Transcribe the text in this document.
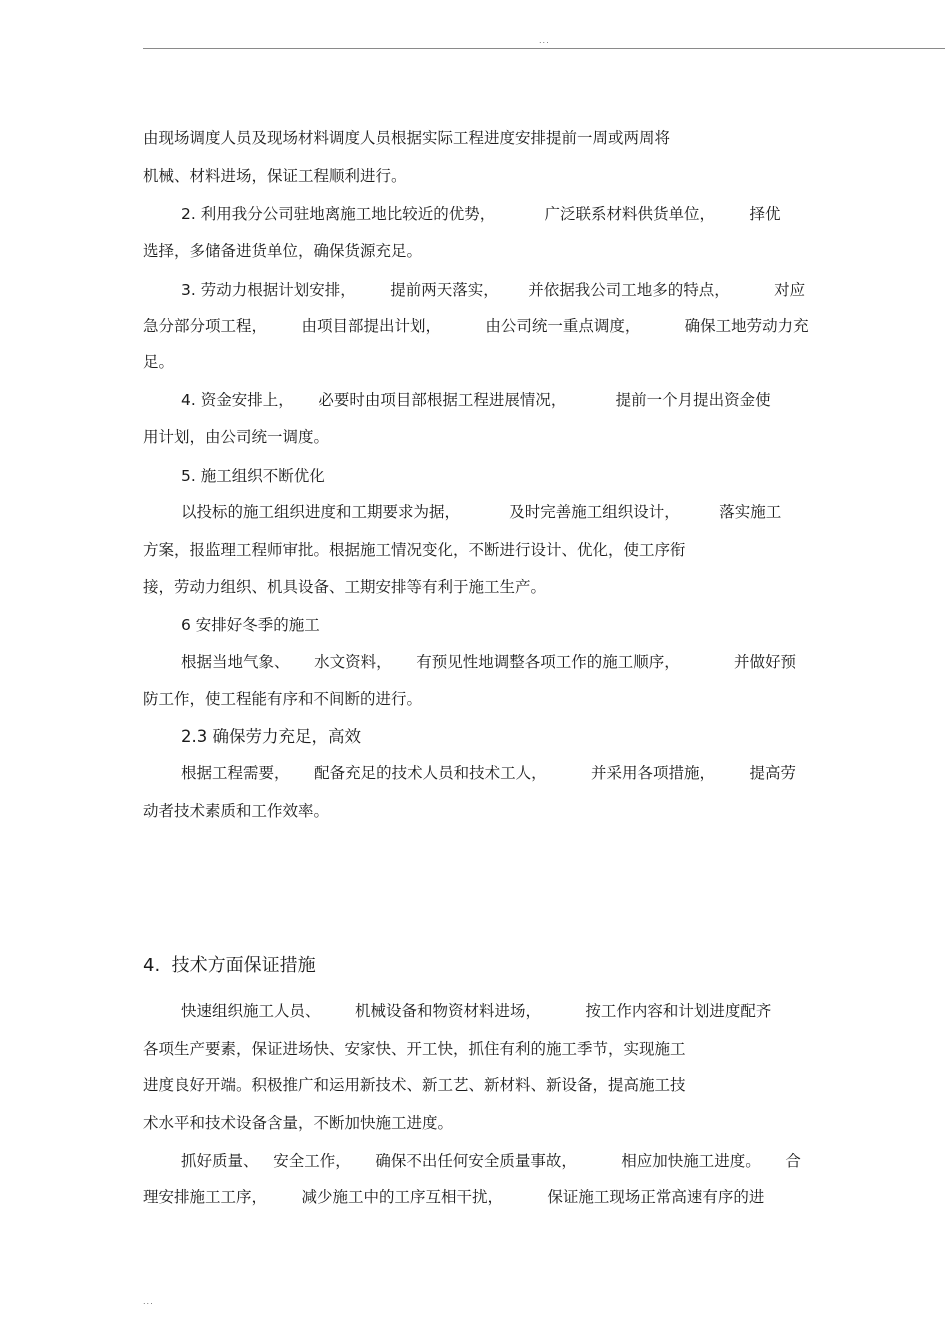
...
由现场调度人员及现场材料调度人员根据实际工程进度安排提前一周或两周将
机械、材料进场，保证工程顺利进行。
2. 利用我分公司驻地离施工地比较近的优势，          广泛联系材料供货单位，       择优
选择，多储备进货单位，确保货源充足。
3. 劳动力根据计划安排，       提前两天落实，      并依据我公司工地多的特点，         对应
急分部分项工程，       由项目部提出计划，         由公司统一重点调度，         确保工地劳动力充
足。
4. 资金安排上，     必要时由项目部根据工程进展情况，          提前一个月提出资金使
用计划，由公司统一调度。
5. 施工组织不断优化
以投标的施工组织进度和工期要求为据，          及时完善施工组织设计，        落实施工
方案，报监理工程师审批。根据施工情况变化，不断进行设计、优化，使工序衔
接，劳动力组织、机具设备、工期安排等有利于施工生产。
6 安排好冬季的施工
根据当地气象、     水文资料，     有预见性地调整各项工作的施工顺序，           并做好预
防工作，使工程能有序和不间断的进行。
2.3 确保劳力充足，高效
根据工程需要，     配备充足的技术人员和技术工人，         并采用各项措施，       提高劳
动者技术素质和工作效率。
4.  技术方面保证措施
快速组织施工人员、       机械设备和物资材料进场，         按工作内容和计划进度配齐
各项生产要素，保证进场快、安家快、开工快，抓住有利的施工季节，实现施工
进度良好开端。积极推广和运用新技术、新工艺、新材料、新设备，提高施工技
术水平和技术设备含量，不断加快施工进度。
抓好质量、   安全工作，     确保不出任何安全质量事故，         相应加快施工进度。     合
理安排施工工序，       减少施工中的工序互相干扰，         保证施工现场正常高速有序的进
...
